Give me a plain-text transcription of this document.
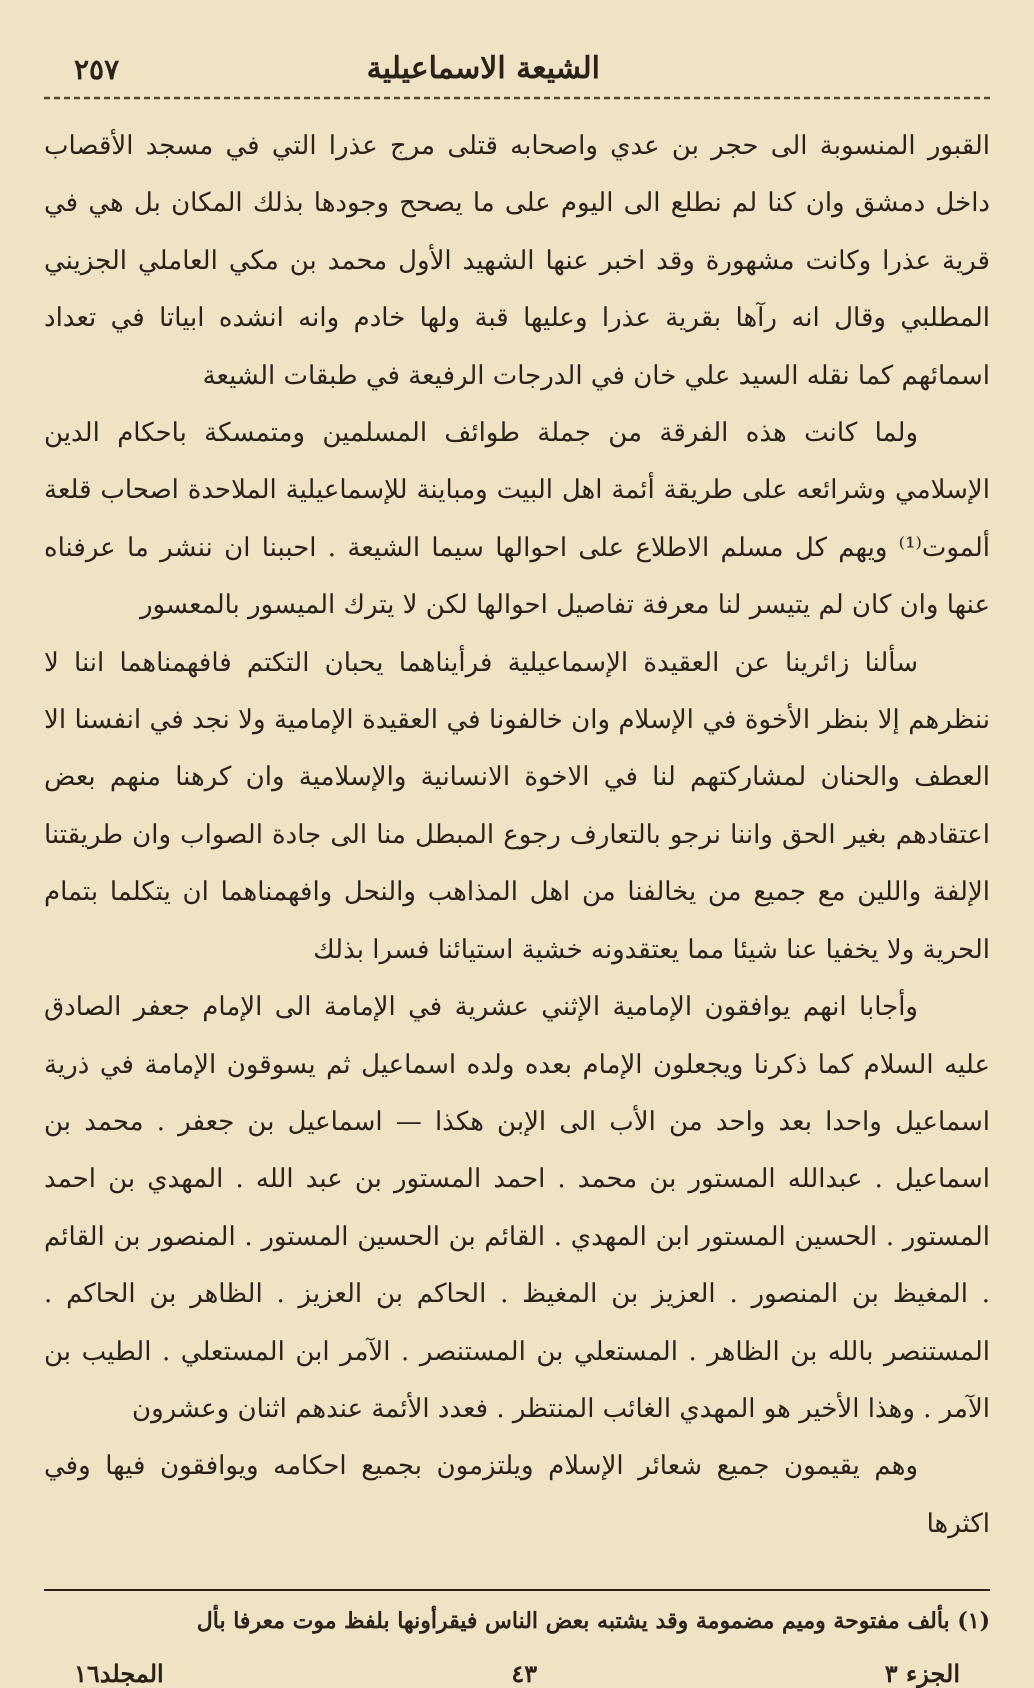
٢٥٧	الشيعة الاسماعيلية

القبور المنسوبة الى حجر بن عدي واصحابه قتلى مرج عذرا التي في مسجد الأقصاب داخل دمشق وان كنا لم نطلع الى اليوم على ما يصحح وجودها بذلك المكان بل هي في قرية عذرا وكانت مشهورة وقد اخبر عنها الشهيد الأول محمد بن مكي العاملي الجزيني المطلبي وقال انه رآها بقرية عذرا وعليها قبة ولها خادم وانه انشده ابياتا في تعداد اسمائهم كما نقله السيد علي خان في الدرجات الرفيعة في طبقات الشيعة

ولما كانت هذه الفرقة من جملة طوائف المسلمين ومتمسكة باحكام الدين الإسلامي وشرائعه على طريقة أئمة اهل البيت ومباينة للإسماعيلية الملاحدة اصحاب قلعة ألموت⁽¹⁾ ويهم كل مسلم الاطلاع على احوالها سيما الشيعة . احببنا ان ننشر ما عرفناه عنها وان كان لم يتيسر لنا معرفة تفاصيل احوالها لكن لا يترك الميسور بالمعسور

سألنا زائرينا عن العقيدة الإسماعيلية فرأيناهما يحبان التكتم فافهمناهما اننا لا ننظرهم إلا بنظر الأخوة في الإسلام وان خالفونا في العقيدة الإمامية ولا نجد في انفسنا الا العطف والحنان لمشاركتهم لنا في الاخوة الانسانية والإسلامية وان كرهنا منهم بعض اعتقادهم بغير الحق واننا نرجو بالتعارف رجوع المبطل منا الى جادة الصواب وان طريقتنا الإلفة واللين مع جميع من يخالفنا من اهل المذاهب والنحل وافهمناهما ان يتكلما بتمام الحرية ولا يخفيا عنا شيئا مما يعتقدونه خشية استيائنا فسرا بذلك

وأجابا انهم يوافقون الإمامية الإثني عشرية في الإمامة الى الإمام جعفر الصادق عليه السلام كما ذكرنا ويجعلون الإمام بعده ولده اسماعيل ثم يسوقون الإمامة في ذرية اسماعيل واحدا بعد واحد من الأب الى الإبن هكذا — اسماعيل بن جعفر . محمد بن اسماعيل . عبدالله المستور بن محمد . احمد المستور بن عبد الله . المهدي بن احمد المستور . الحسين المستور ابن المهدي . القائم بن الحسين المستور . المنصور بن القائم . المغيظ بن المنصور . العزيز بن المغيظ . الحاكم بن العزيز . الظاهر بن الحاكم . المستنصر بالله بن الظاهر . المستعلي بن المستنصر . الآمر ابن المستعلي . الطيب بن الآمر . وهذا الأخير هو المهدي الغائب المنتظر . فعدد الأئمة عندهم اثنان وعشرون

وهم يقيمون جميع شعائر الإسلام ويلتزمون بجميع احكامه ويوافقون فيها وفي اكثرها

(١) بألف مفتوحة وميم مضمومة وقد يشتبه بعض الناس فيقرأونها بلفظ موت معرفا بأل
الجزء ٣
٤٣
المجلد١٦
